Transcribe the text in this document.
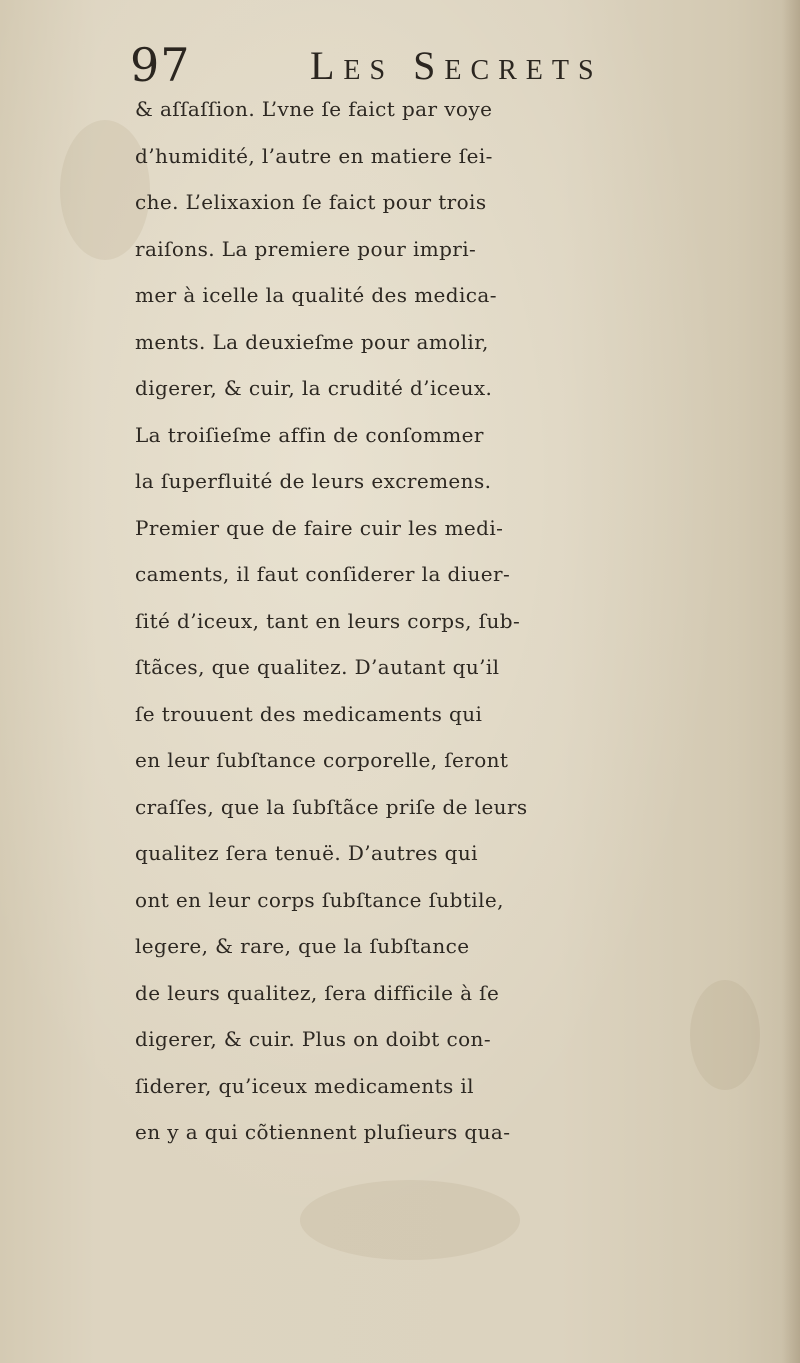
97	Les Secrets
& aſſaſſion. L’vne ſe faict par voye
d’humidité, l’autre en matiere ſei-
che. L’elixaxion ſe faict pour trois
raiſons. La premiere pour impri-
mer à icelle la qualité des medica-
ments. La deuxieſme pour amolir,
digerer, & cuir, la crudité d’iceux.
La troiſieſme affin de conſommer
la ſuperfluité de leurs excremens.
Premier que de faire cuir les medi-
caments, il faut conſiderer la diuer-
ſité d’iceux, tant en leurs corps, ſub-
ſtãces, que qualitez. D’autant qu’il
ſe trouuent des medicaments qui
en leur ſubſtance corporelle, ſeront
craſſes, que la ſubſtãce priſe de leurs
qualitez ſera tenuë. D’autres qui
ont en leur corps ſubſtance ſubtile,
legere, & rare, que la ſubſtance
de leurs qualitez, ſera difficile à ſe
digerer, & cuir. Plus on doibt con-
ſiderer, qu’iceux medicaments il
en y a qui cõtiennent pluſieurs qua-
